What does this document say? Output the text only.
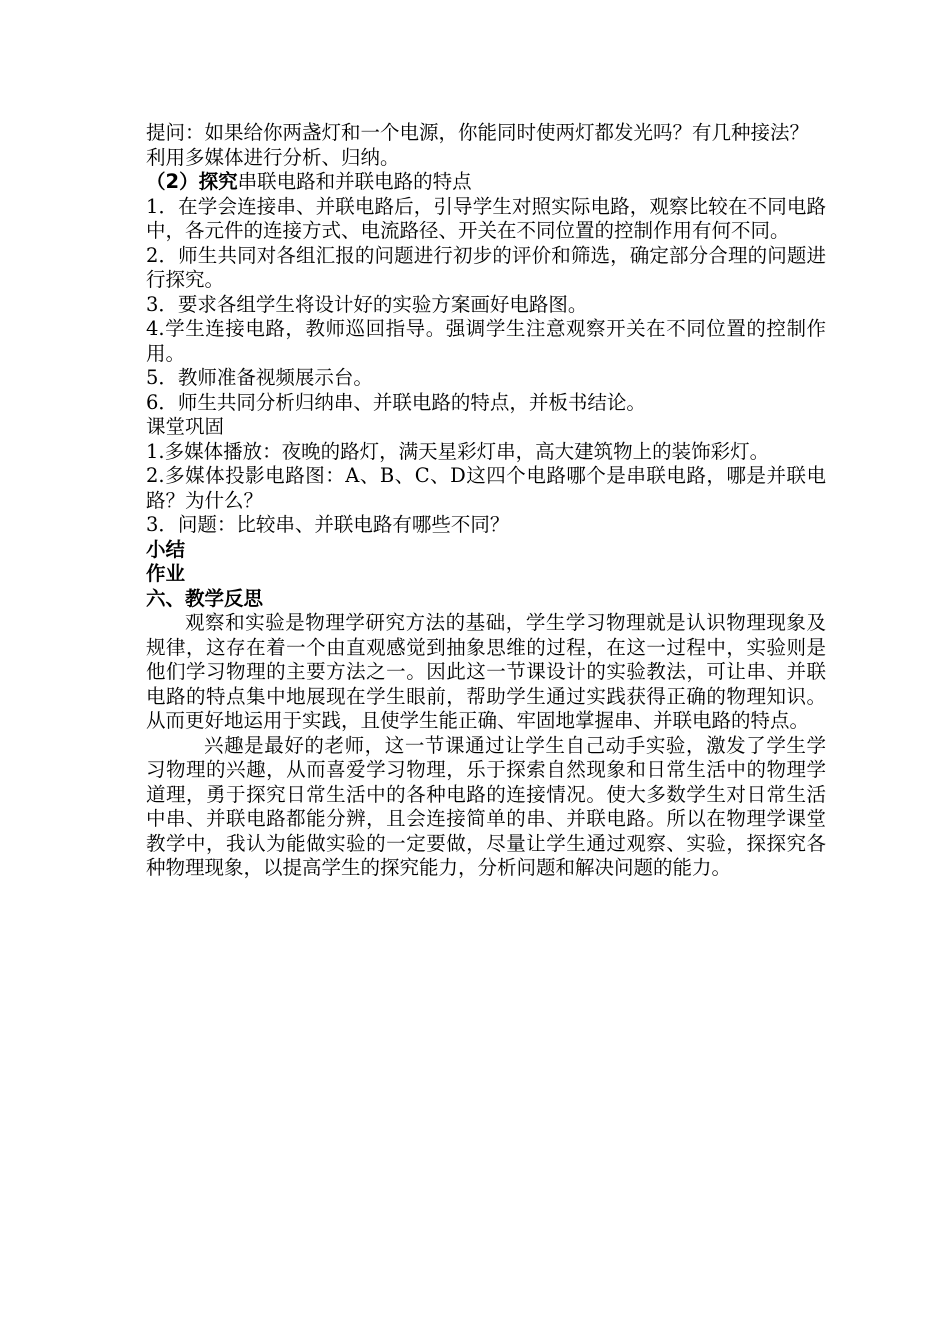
提问：如果给你两盏灯和一个电源，你能同时使两灯都发光吗？有几种接法？

利用多媒体进行分析、归纳。

（2）探究串联电路和并联电路的特点

1．在学会连接串、并联电路后，引导学生对照实际电路，观察比较在不同电路中，各元件的连接方式、电流路径、开关在不同位置的控制作用有何不同。

2．师生共同对各组汇报的问题进行初步的评价和筛选，确定部分合理的问题进行探究。

3．要求各组学生将设计好的实验方案画好电路图。

4.学生连接电路，教师巡回指导。强调学生注意观察开关在不同位置的控制作用。

5．教师准备视频展示台。

6．师生共同分析归纳串、并联电路的特点，并板书结论。

课堂巩固

1.多媒体播放：夜晚的路灯，满天星彩灯串，高大建筑物上的装饰彩灯。

2.多媒体投影电路图：A、B、C、D这四个电路哪个是串联电路，哪是并联电路？为什么？

3．问题：比较串、并联电路有哪些不同？

小结

作业

六、教学反思

观察和实验是物理学研究方法的基础，学生学习物理就是认识物理现象及规律，这存在着一个由直观感觉到抽象思维的过程，在这一过程中，实验则是他们学习物理的主要方法之一。因此这一节课设计的实验教法，可让串、并联电路的特点集中地展现在学生眼前，帮助学生通过实践获得正确的物理知识。从而更好地运用于实践，且使学生能正确、牢固地掌握串、并联电路的特点。

兴趣是最好的老师，这一节课通过让学生自己动手实验，激发了学生学习物理的兴趣，从而喜爱学习物理，乐于探索自然现象和日常生活中的物理学道理，勇于探究日常生活中的各种电路的连接情况。使大多数学生对日常生活中串、并联电路都能分辨，且会连接简单的串、并联电路。所以在物理学课堂教学中，我认为能做实验的一定要做，尽量让学生通过观察、实验，探探究各种物理现象，以提高学生的探究能力，分析问题和解决问题的能力。
